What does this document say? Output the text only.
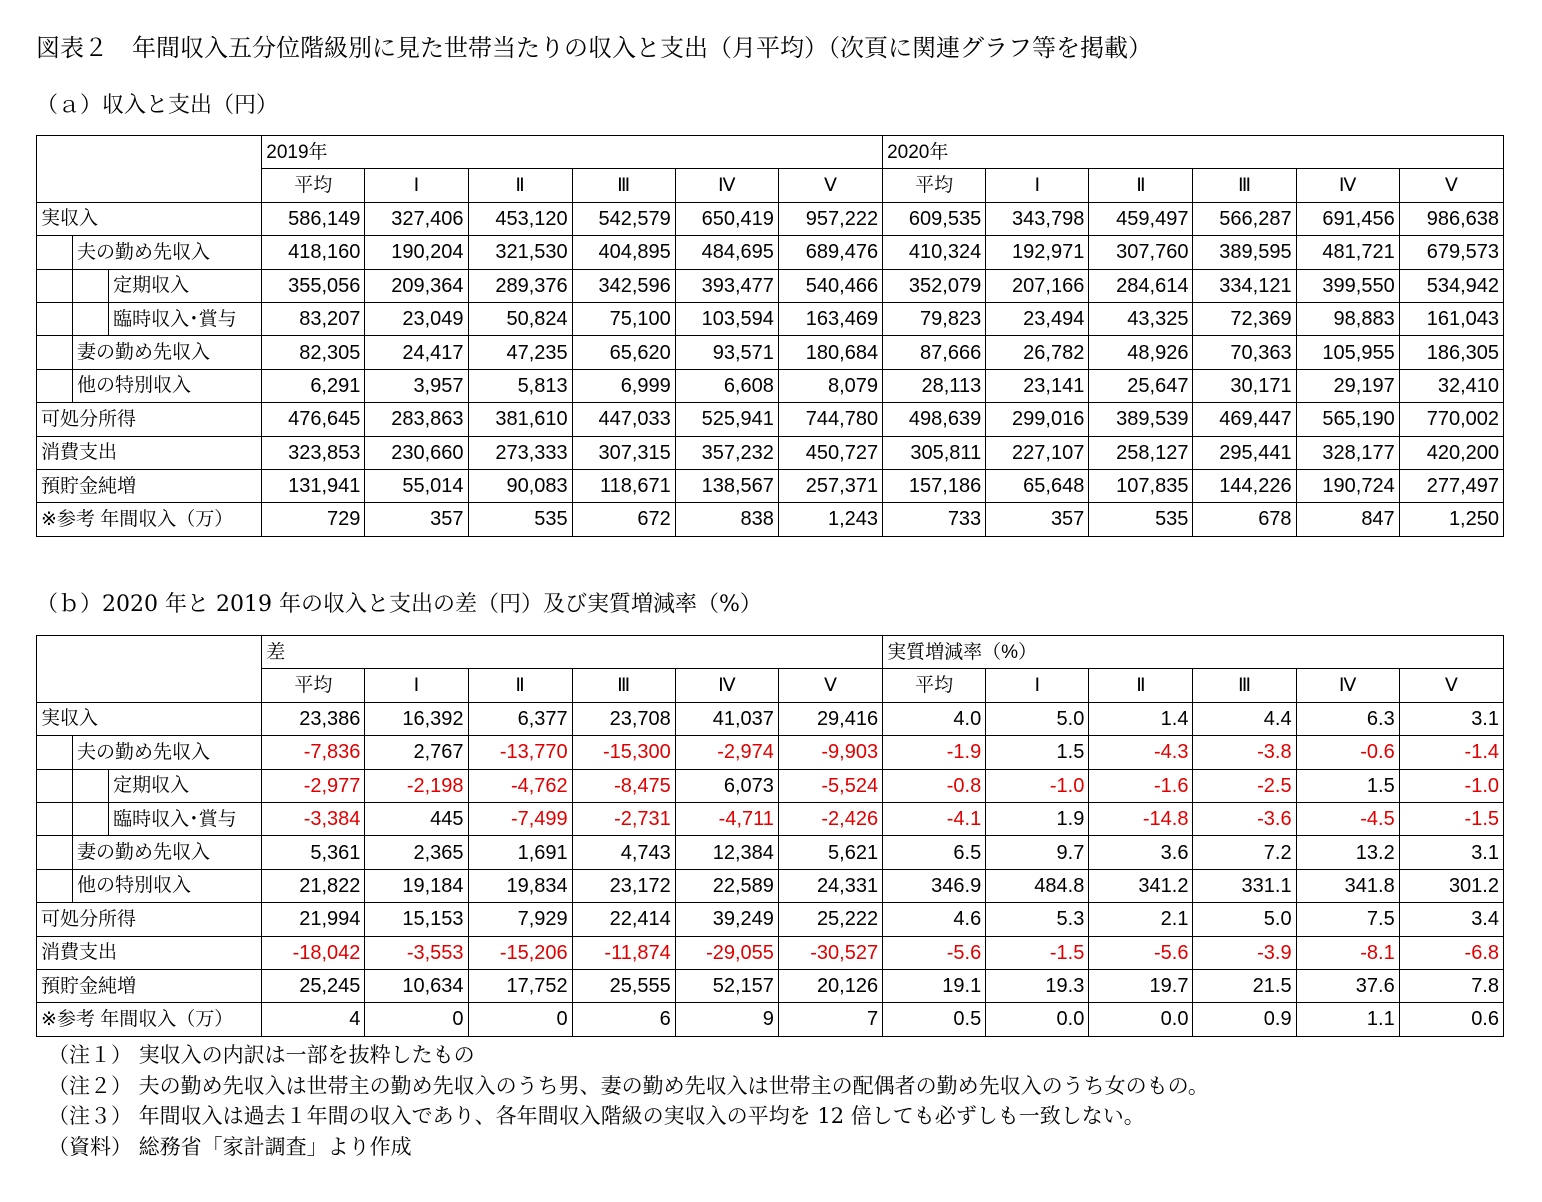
図表２　年間収入五分位階級別に見た世帯当たりの収入と支出（月平均）（次頁に関連グラフ等を掲載）
（ａ）収入と支出（円）
			2019年						2020年					
			平均	Ⅰ	Ⅱ	Ⅲ	Ⅳ	Ⅴ	平均	Ⅰ	Ⅱ	Ⅲ	Ⅳ	Ⅴ
実収入			586,149	327,406	453,120	542,579	650,419	957,222	609,535	343,798	459,497	566,287	691,456	986,638
	夫の勤め先収入		418,160	190,204	321,530	404,895	484,695	689,476	410,324	192,971	307,760	389,595	481,721	679,573
		定期収入	355,056	209,364	289,376	342,596	393,477	540,466	352,079	207,166	284,614	334,121	399,550	534,942
		臨時収入･賞与	83,207	23,049	50,824	75,100	103,594	163,469	79,823	23,494	43,325	72,369	98,883	161,043
	妻の勤め先収入		82,305	24,417	47,235	65,620	93,571	180,684	87,666	26,782	48,926	70,363	105,955	186,305
	他の特別収入		6,291	3,957	5,813	6,999	6,608	8,079	28,113	23,141	25,647	30,171	29,197	32,410
可処分所得			476,645	283,863	381,610	447,033	525,941	744,780	498,639	299,016	389,539	469,447	565,190	770,002
消費支出			323,853	230,660	273,333	307,315	357,232	450,727	305,811	227,107	258,127	295,441	328,177	420,200
預貯金純増			131,941	55,014	90,083	118,671	138,567	257,371	157,186	65,648	107,835	144,226	190,724	277,497
※参考 年間収入（万）			729	357	535	672	838	1,243	733	357	535	678	847	1,250
（ｂ）2020 年と 2019 年の収入と支出の差（円）及び実質増減率（%）
			差						実質増減率（%）					
			平均	Ⅰ	Ⅱ	Ⅲ	Ⅳ	Ⅴ	平均	Ⅰ	Ⅱ	Ⅲ	Ⅳ	Ⅴ
実収入			23,386	16,392	6,377	23,708	41,037	29,416	4.0	5.0	1.4	4.4	6.3	3.1
	夫の勤め先収入		-7,836	2,767	-13,770	-15,300	-2,974	-9,903	-1.9	1.5	-4.3	-3.8	-0.6	-1.4
		定期収入	-2,977	-2,198	-4,762	-8,475	6,073	-5,524	-0.8	-1.0	-1.6	-2.5	1.5	-1.0
		臨時収入･賞与	-3,384	445	-7,499	-2,731	-4,711	-2,426	-4.1	1.9	-14.8	-3.6	-4.5	-1.5
	妻の勤め先収入		5,361	2,365	1,691	4,743	12,384	5,621	6.5	9.7	3.6	7.2	13.2	3.1
	他の特別収入		21,822	19,184	19,834	23,172	22,589	24,331	346.9	484.8	341.2	331.1	341.8	301.2
可処分所得			21,994	15,153	7,929	22,414	39,249	25,222	4.6	5.3	2.1	5.0	7.5	3.4
消費支出			-18,042	-3,553	-15,206	-11,874	-29,055	-30,527	-5.6	-1.5	-5.6	-3.9	-8.1	-6.8
預貯金純増			25,245	10,634	17,752	25,555	52,157	20,126	19.1	19.3	19.7	21.5	37.6	7.8
※参考 年間収入（万）			4	0	0	6	9	7	0.5	0.0	0.0	0.9	1.1	0.6
（注１） 実収入の内訳は一部を抜粋したもの
（注２） 夫の勤め先収入は世帯主の勤め先収入のうち男、妻の勤め先収入は世帯主の配偶者の勤め先収入のうち女のもの。
（注３） 年間収入は過去１年間の収入であり、各年間収入階級の実収入の平均を 12 倍しても必ずしも一致しない。
（資料） 総務省「家計調査」より作成
